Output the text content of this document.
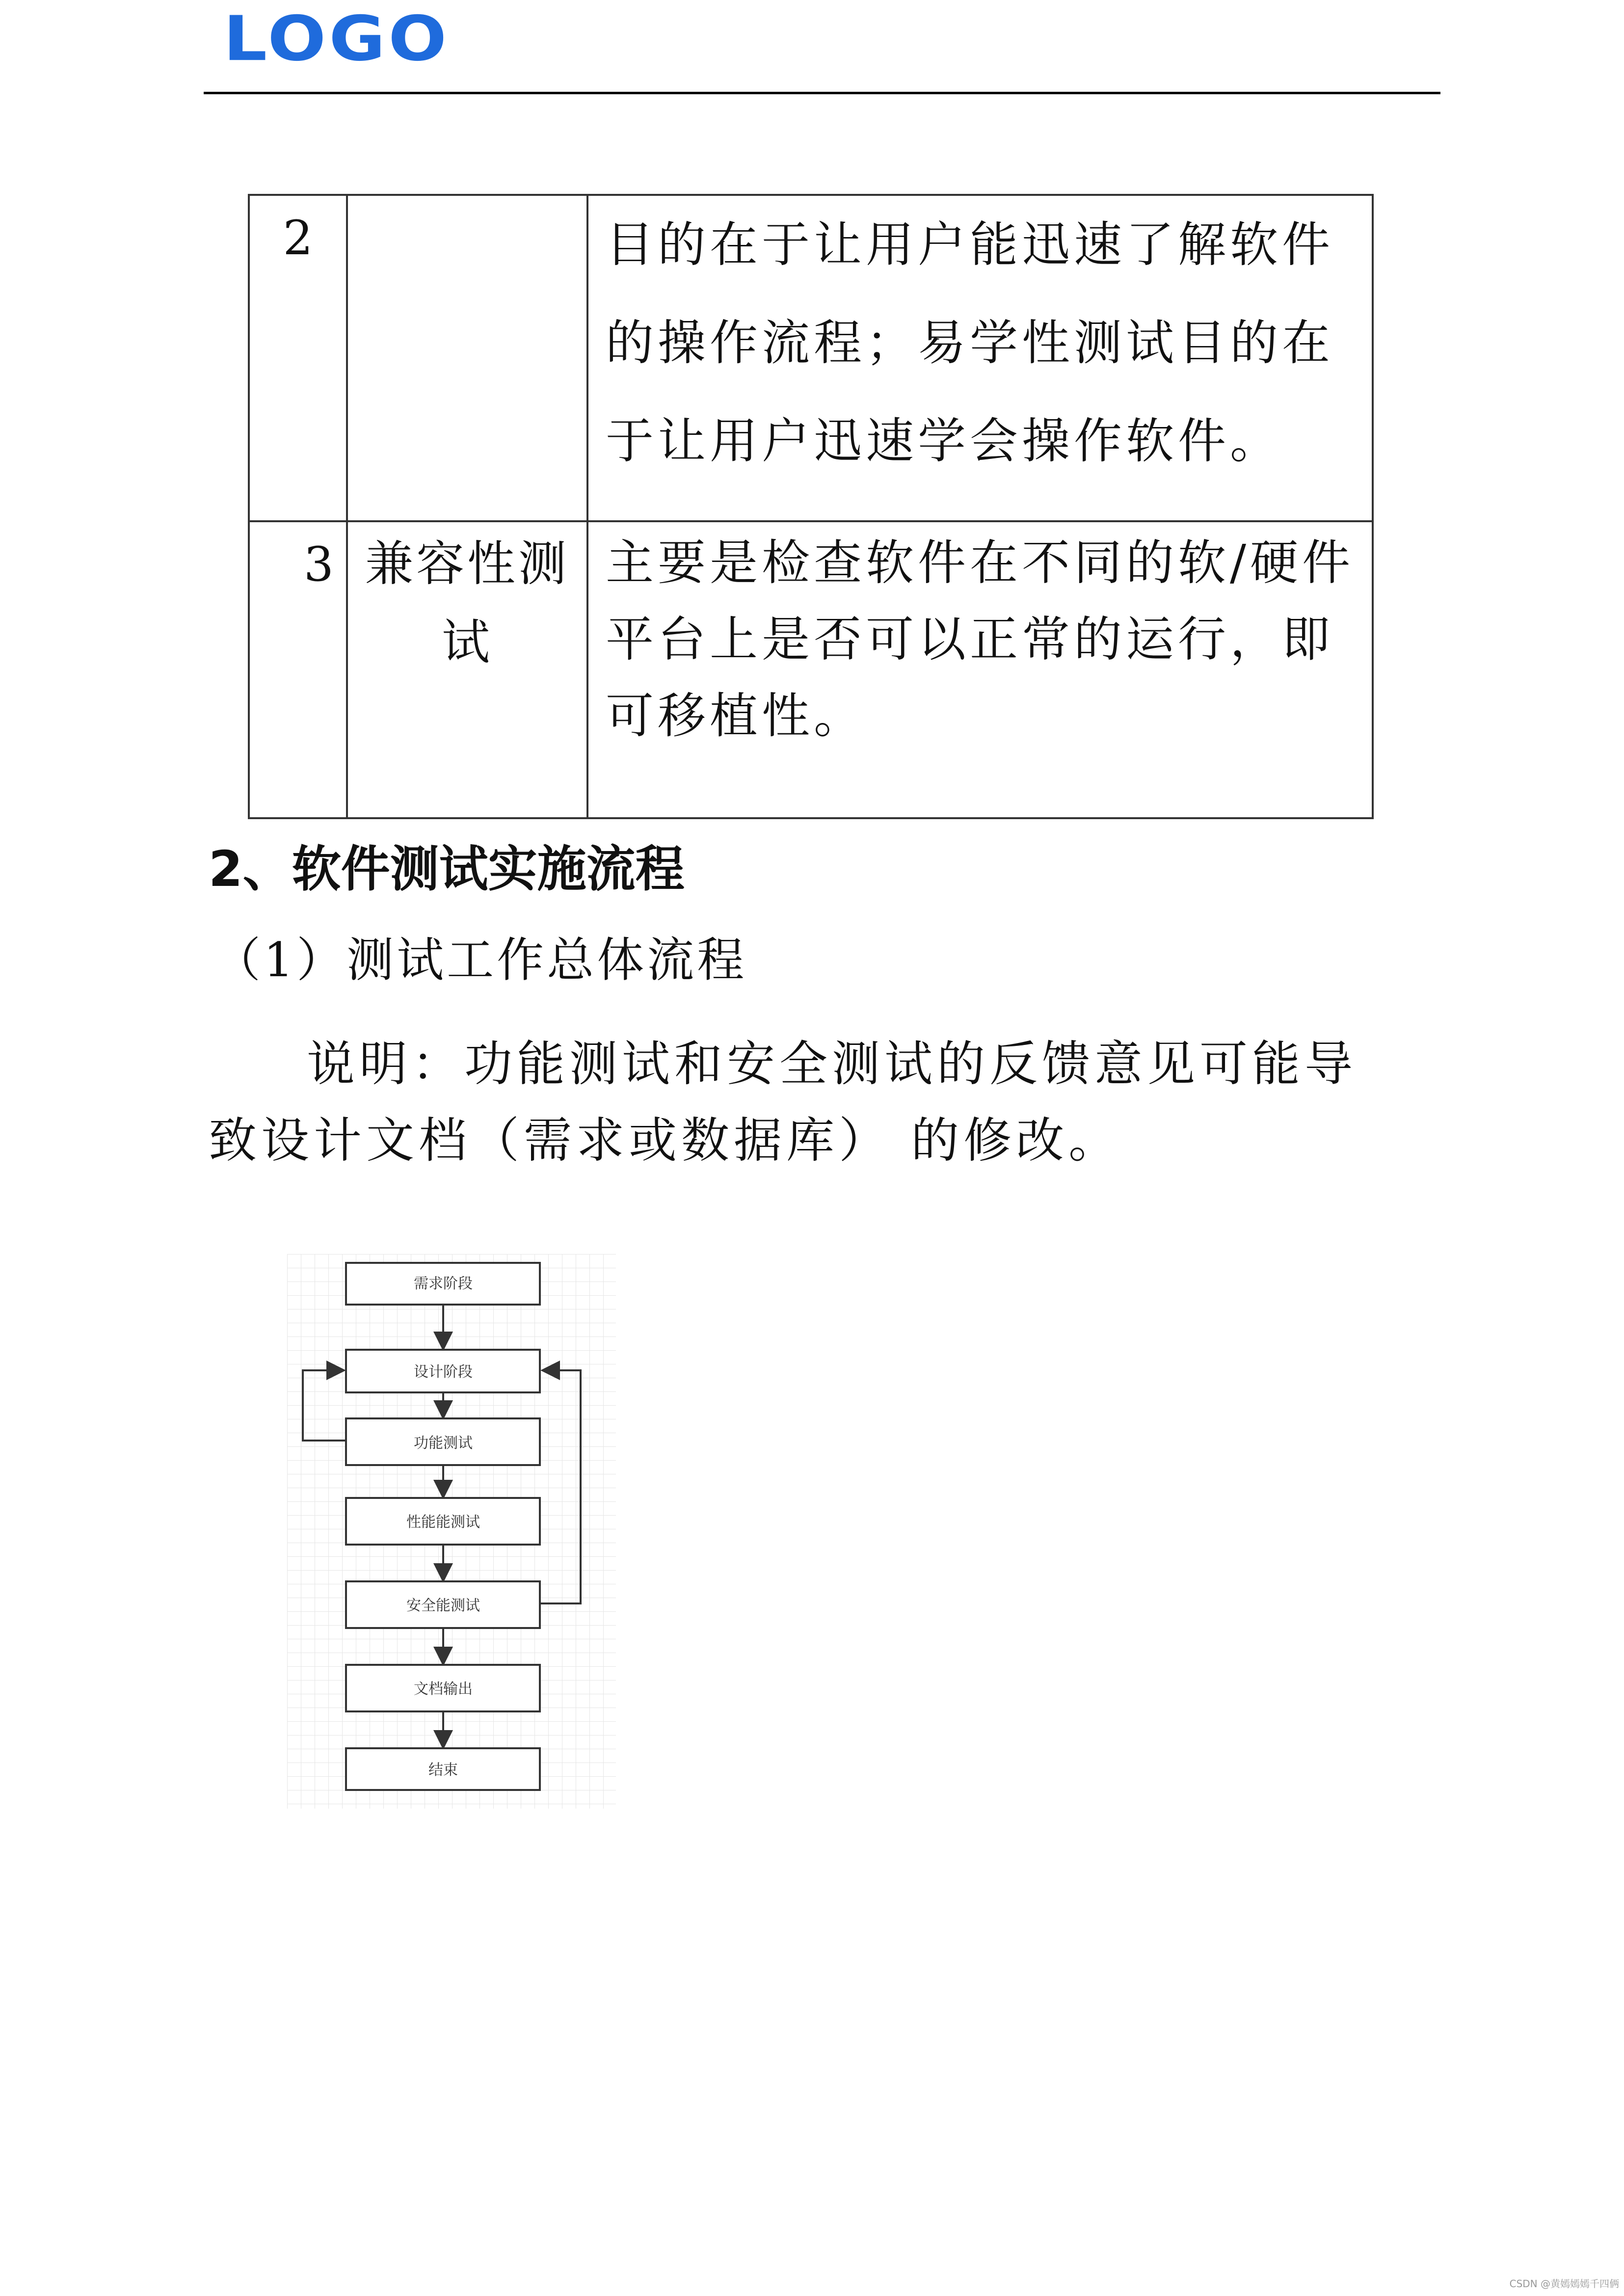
LOGO
2		目的在于让用户能迅速了解软件的操作流程；易学性测试目的在于让用户迅速学会操作软件。
3	兼容性测试	主要是检查软件在不同的软/硬件平台上是否可以正常的运行，即可移植性。
2、软件测试实施流程
（1）测试工作总体流程
说明：功能测试和安全测试的反馈意见可能导致设计文档（需求或数据库） 的修改。
需求阶段
设计阶段
功能测试
性能能测试
安全能测试
文档输出
结束
CSDN @黄嫣嫣嫣千四俩
